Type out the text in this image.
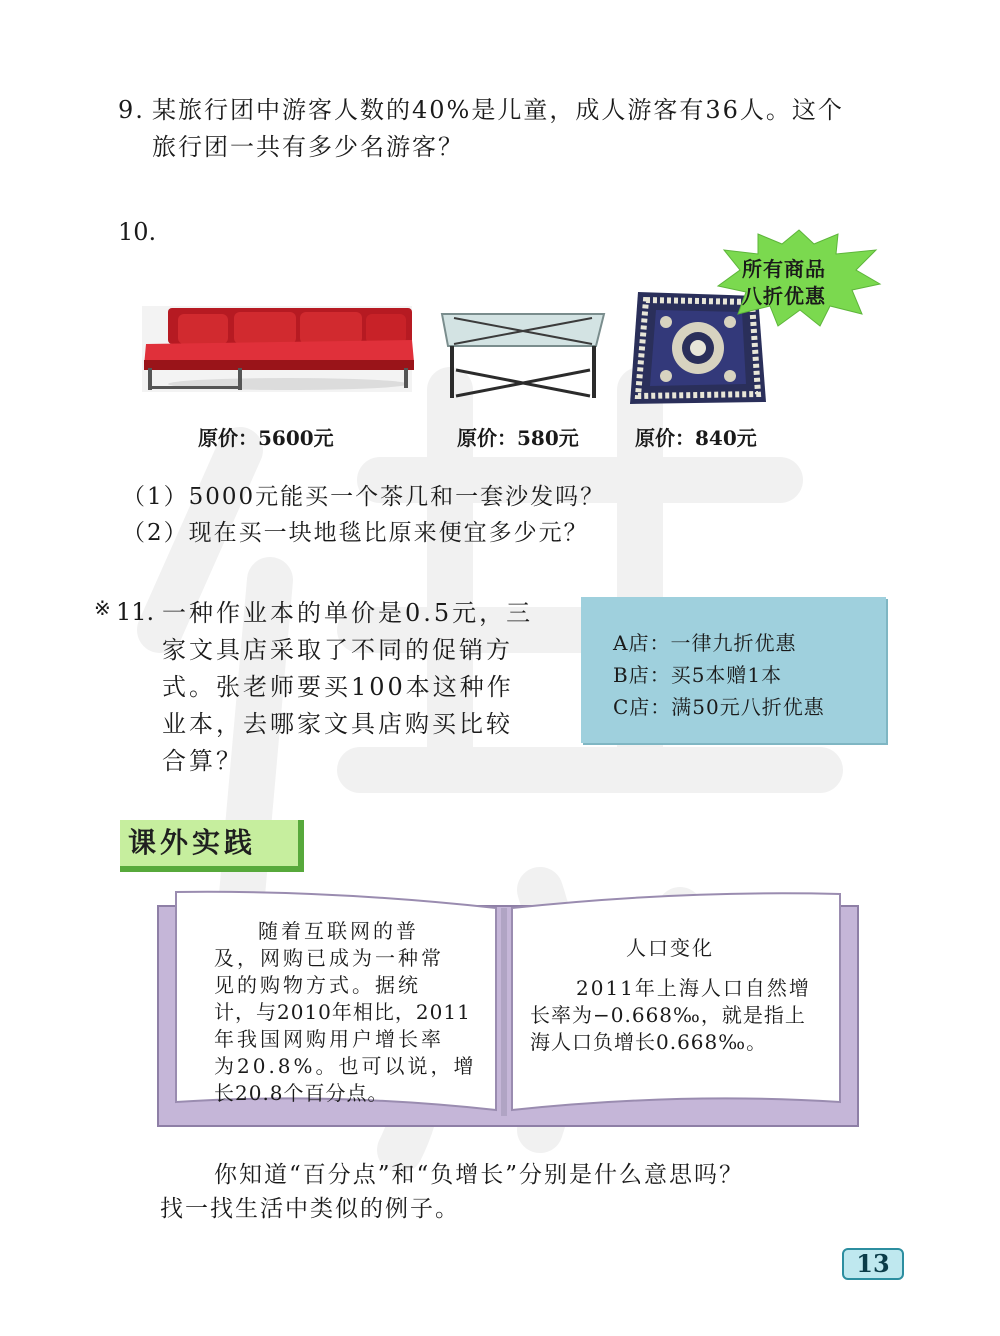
9. 某旅行团中游客人数的40%是儿童，成人游客有36人。这个
旅行团一共有多少名游客？
10.
所有商品
八折优惠
原价：5600元	原价：580元	原价：840元
（1）5000元能买一个茶几和一套沙发吗？
（2）现在买一块地毯比原来便宜多少元？
※ 11. 一种作业本的单价是0.5元，三
家文具店采取了不同的促销方
式。张老师要买100本这种作
业本，去哪家文具店购买比较
合算？
A店：一律九折优惠
B店：买5本赠1本
C店：满50元八折优惠
课外实践
随着互联网的普
及，网购已成为一种常
见的购物方式。据统
计，与2010年相比，2011
年我国网购用户增长率
为20.8%。也可以说，增
长20.8个百分点。
人口变化
2011年上海人口自然增
长率为−0.668‰，就是指上
海人口负增长0.668‰。
你知道“百分点”和“负增长”分别是什么意思吗？
找一找生活中类似的例子。
13
